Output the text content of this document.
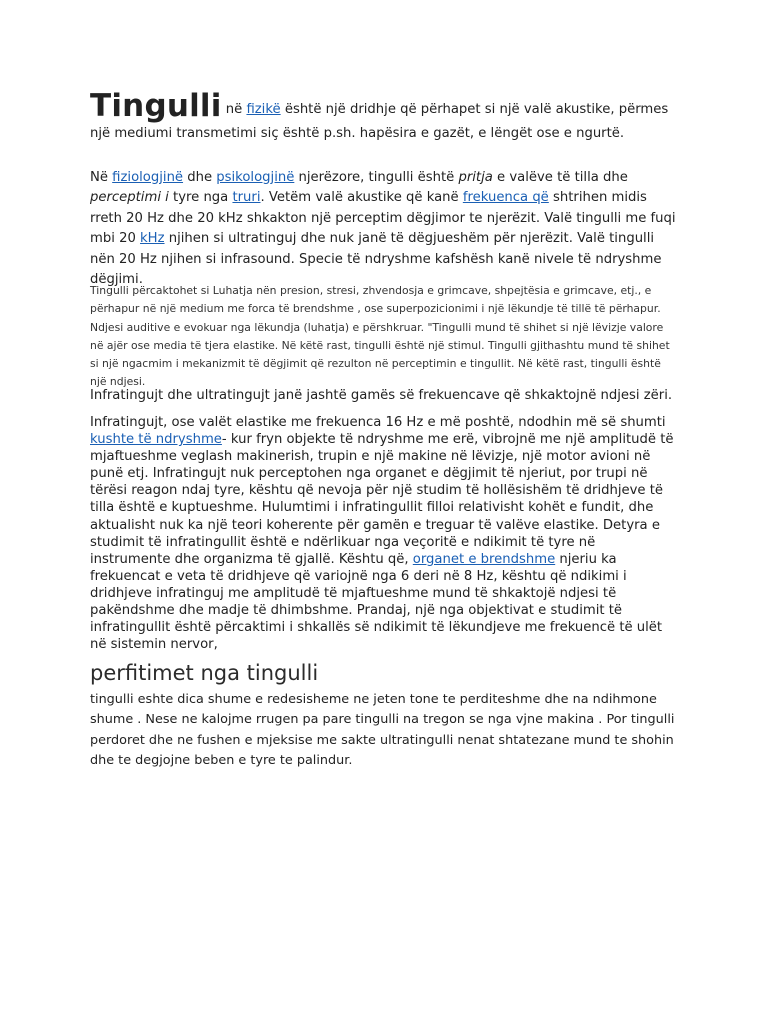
Tingulli në fizikë është një dridhje që përhapet si një valë akustike, përmes një mediumi transmetimi siç është p.sh. hapësira e gazët, e lëngët ose e ngurtë.

Në fiziologjinë dhe psikologjinë njerëzore, tingulli është pritja e valëve të tilla dhe perceptimi i tyre nga truri. Vetëm valë akustike që kanë frekuenca që shtrihen midis rreth 20 Hz dhe 20 kHz shkakton një perceptim dëgjimor te njerëzit. Valë tingulli me fuqi mbi 20 kHz njihen si ultratinguj dhe nuk janë të dëgjueshëm për njerëzit. Valë tingulli nën 20 Hz njihen si infrasound. Specie të ndryshme kafshësh kanë nivele të ndryshme dëgjimi.

Tingulli përcaktohet si Luhatja nën presion, stresi, zhvendosja e grimcave, shpejtësia e grimcave, etj., e përhapur në një medium me forca të brendshme , ose superpozicionimi i një lëkundje të tillë të përhapur. Ndjesi auditive e evokuar nga lëkundja (luhatja) e përshkruar. "Tingulli mund të shihet si një lëvizje valore në ajër ose media të tjera elastike. Në këtë rast, tingulli është një stimul. Tingulli gjithashtu mund të shihet si një ngacmim i mekanizmit të dëgjimit që rezulton në perceptimin e tingullit. Në këtë rast, tingulli është një ndjesi.

Infratingujt dhe ultratingujt janë jashtë gamës së frekuencave që shkaktojnë ndjesi zëri.

Infratingujt, ose valët elastike me frekuenca 16 Hz e më poshtë, ndodhin më së shumti kushte të ndryshme- kur fryn objekte të ndryshme me erë, vibrojnë me një amplitudë të mjaftueshme veglash makinerish, trupin e një makine në lëvizje, një motor avioni në punë etj. Infratingujt nuk perceptohen nga organet e dëgjimit të njeriut, por trupi në tërësi reagon ndaj tyre, kështu që nevoja për një studim të hollësishëm të dridhjeve të tilla është e kuptueshme. Hulumtimi i infratingullit filloi relativisht kohët e fundit, dhe aktualisht nuk ka një teori koherente për gamën e treguar të valëve elastike. Detyra e studimit të infratingullit është e ndërlikuar nga veçoritë e ndikimit të tyre në instrumente dhe organizma të gjallë. Kështu që, organet e brendshme njeriu ka frekuencat e veta të dridhjeve që variojnë nga 6 deri në 8 Hz, kështu që ndikimi i dridhjeve infratinguj me amplitudë të mjaftueshme mund të shkaktojë ndjesi të pakëndshme dhe madje të dhimbshme. Prandaj, një nga objektivat e studimit të infratingullit është përcaktimi i shkallës së ndikimit të lëkundjeve me frekuencë të ulët në sistemin nervor,

perfitimet nga tingulli

tingulli eshte dica shume e redesisheme ne jeten tone te perditeshme dhe na ndihmone shume . Nese ne kalojme rrugen pa pare tingulli na tregon se nga vjne makina . Por tingulli perdoret dhe ne fushen e mjeksise me sakte ultratingulli nenat shtatezane mund te shohin dhe te degjojne beben e tyre te palindur.
